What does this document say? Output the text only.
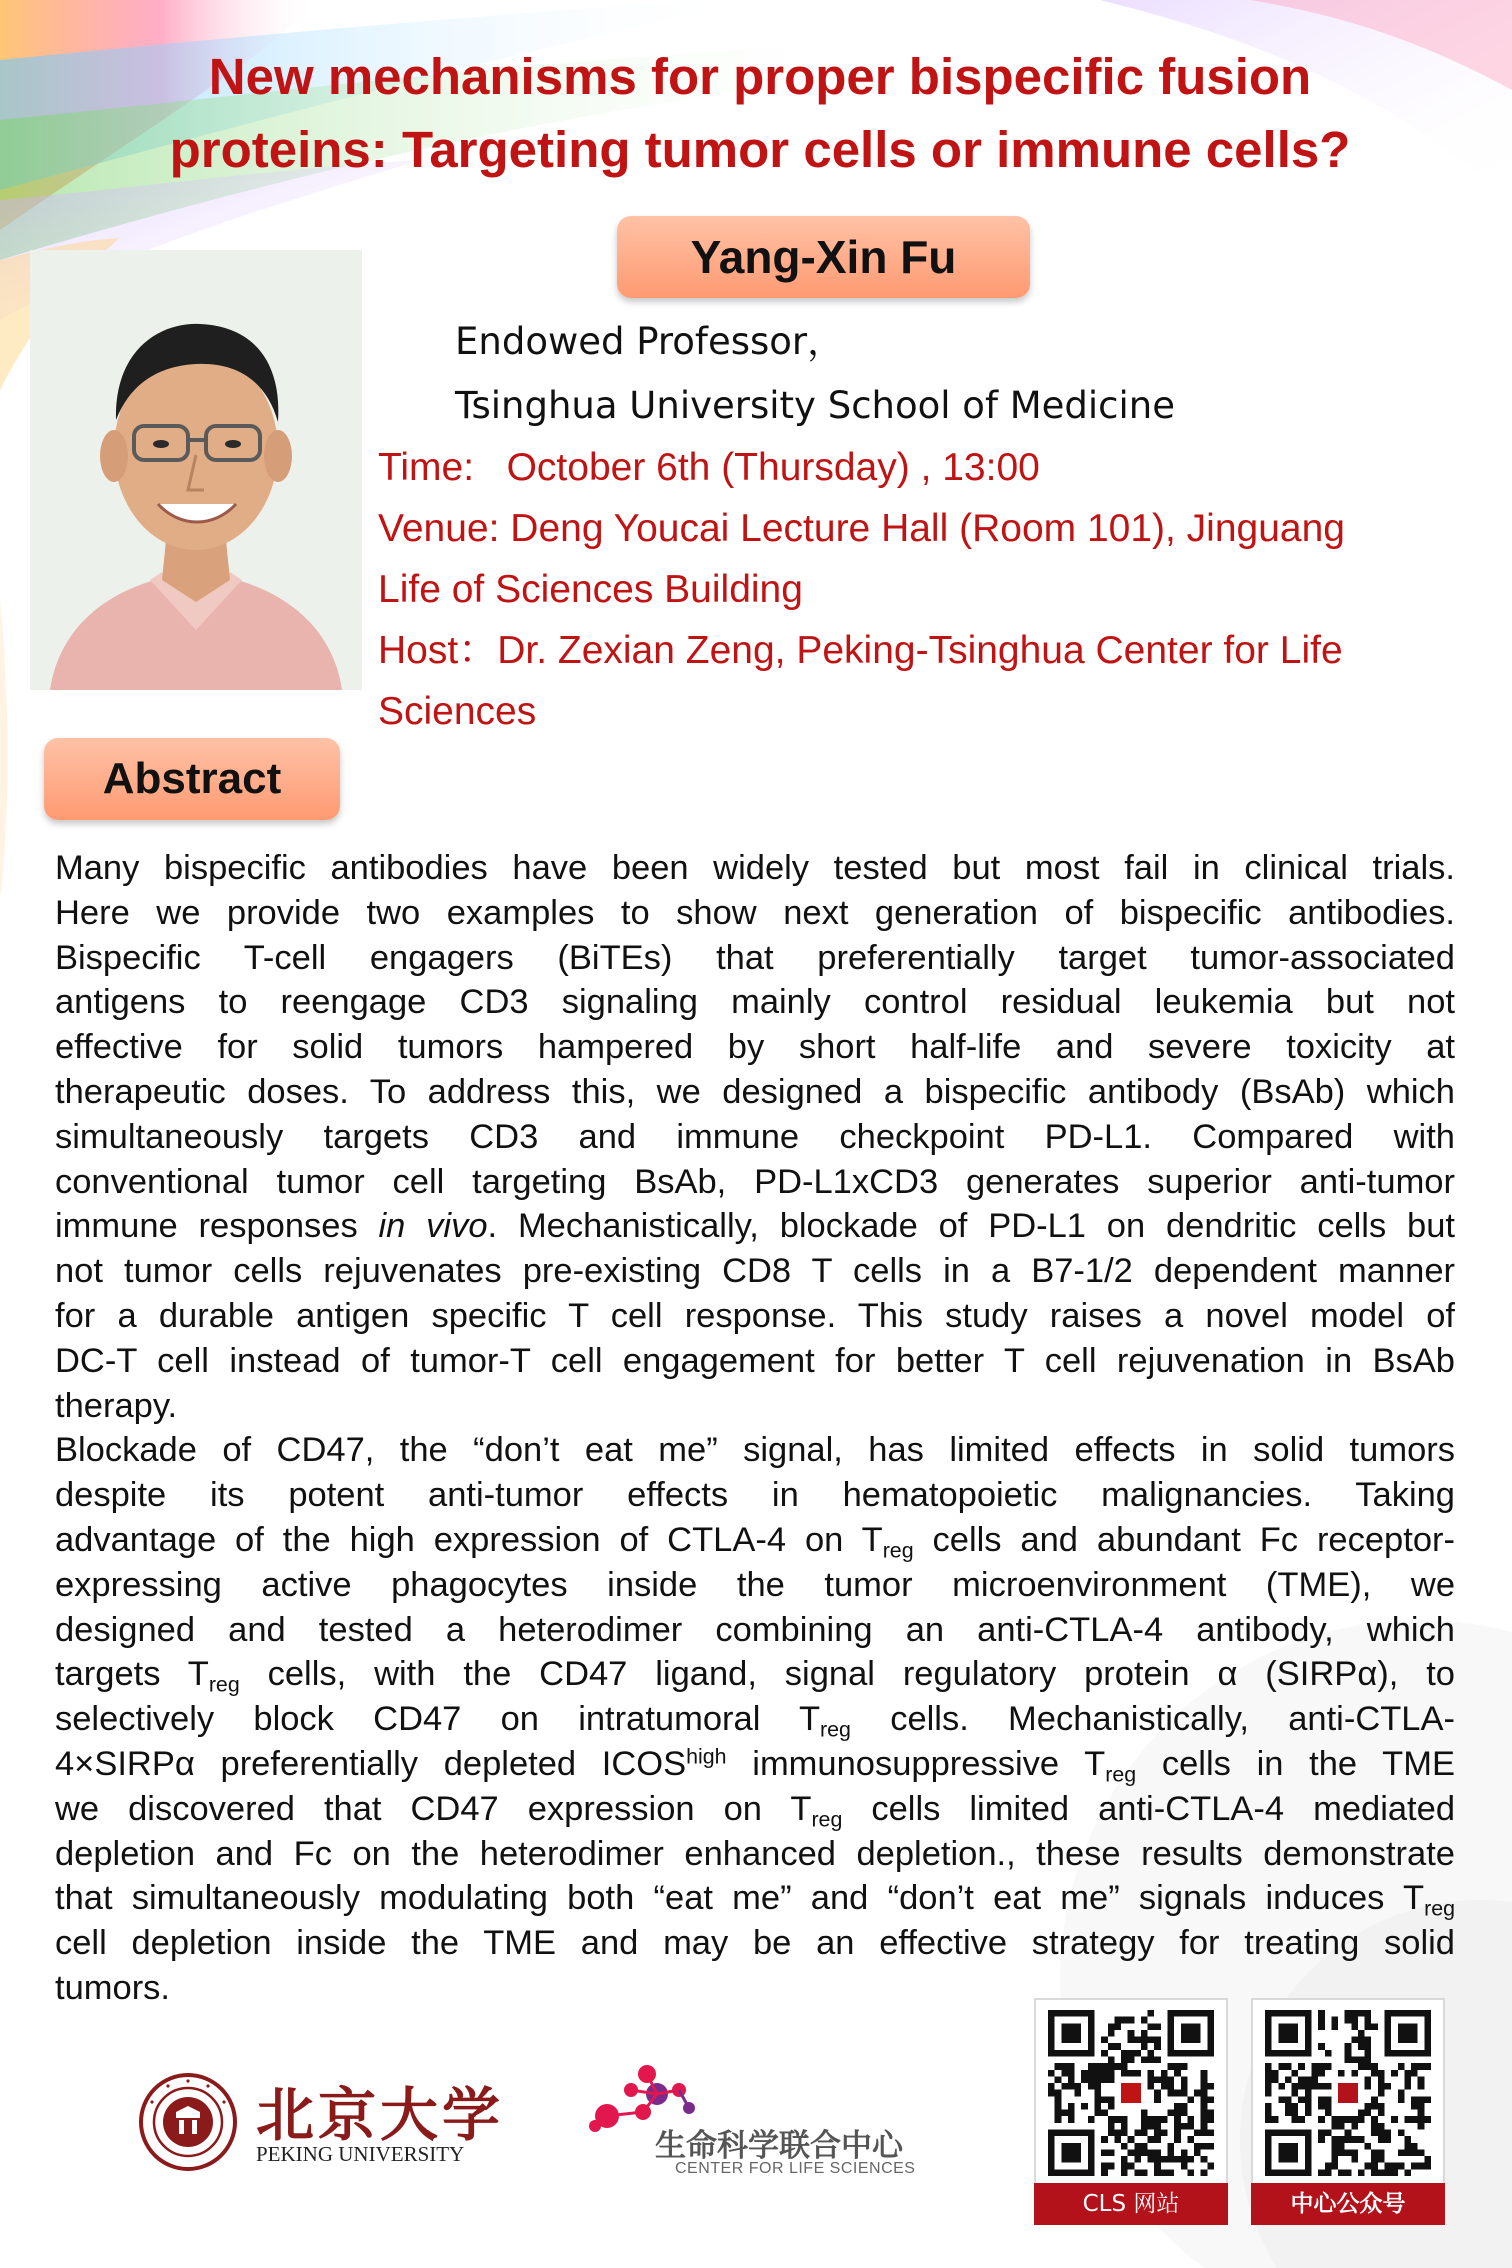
New mechanisms for proper bispecific fusion
proteins: Targeting tumor cells or immune cells?
Yang-Xin Fu
Endowed Professor，
Tsinghua University School of Medicine
Time: October 6th (Thursday) , 13:00
Venue: Deng Youcai Lecture Hall (Room 101), Jinguang
Life of Sciences Building
Host：Dr. Zexian Zeng, Peking-Tsinghua Center for Life
Sciences
Abstract
Many bispecific antibodies have been widely tested but most fail in clinical trials.
Here we provide two examples to show next generation of bispecific antibodies.
Bispecific T-cell engagers (BiTEs) that preferentially target tumor-associated
antigens to reengage CD3 signaling mainly control residual leukemia but not
effective for solid tumors hampered by short half-life and severe toxicity at
therapeutic doses. To address this, we designed a bispecific antibody (BsAb) which
simultaneously targets CD3 and immune checkpoint PD-L1. Compared with
conventional tumor cell targeting BsAb, PD-L1xCD3 generates superior anti-tumor
immune responses in vivo. Mechanistically, blockade of PD-L1 on dendritic cells but
not tumor cells rejuvenates pre-existing CD8 T cells in a B7-1/2 dependent manner
for a durable antigen specific T cell response. This study raises a novel model of
DC-T cell instead of tumor-T cell engagement for better T cell rejuvenation in BsAb
therapy.
Blockade of CD47, the “don’t eat me” signal, has limited effects in solid tumors
despite its potent anti-tumor effects in hematopoietic malignancies. Taking
advantage of the high expression of CTLA-4 on $T_{reg}$ cells and abundant Fc receptor-
expressing active phagocytes inside the tumor microenvironment (TME), we
designed and tested a heterodimer combining an anti-CTLA-4 antibody, which
targets $T_{reg}$ cells, with the CD47 ligand, signal regulatory protein α (SIRPα), to
selectively block CD47 on intratumoral $T_{reg}$ cells. Mechanistically, anti-CTLA-
4×SIRPα preferentially depleted $ICOS^{high}$ immunosuppressive $T_{reg}$ cells in the TME
we discovered that CD47 expression on $T_{reg}$ cells limited anti-CTLA-4 mediated
depletion and Fc on the heterodimer enhanced depletion., these results demonstrate
that simultaneously modulating both “eat me” and “don’t eat me” signals induces $T_{reg}$
cell depletion inside the TME and may be an effective strategy for treating solid
tumors.
北京大学
PEKING UNIVERSITY	生命科学联合中心
CENTER FOR LIFE SCIENCES
CLS 网站	中心公众号
